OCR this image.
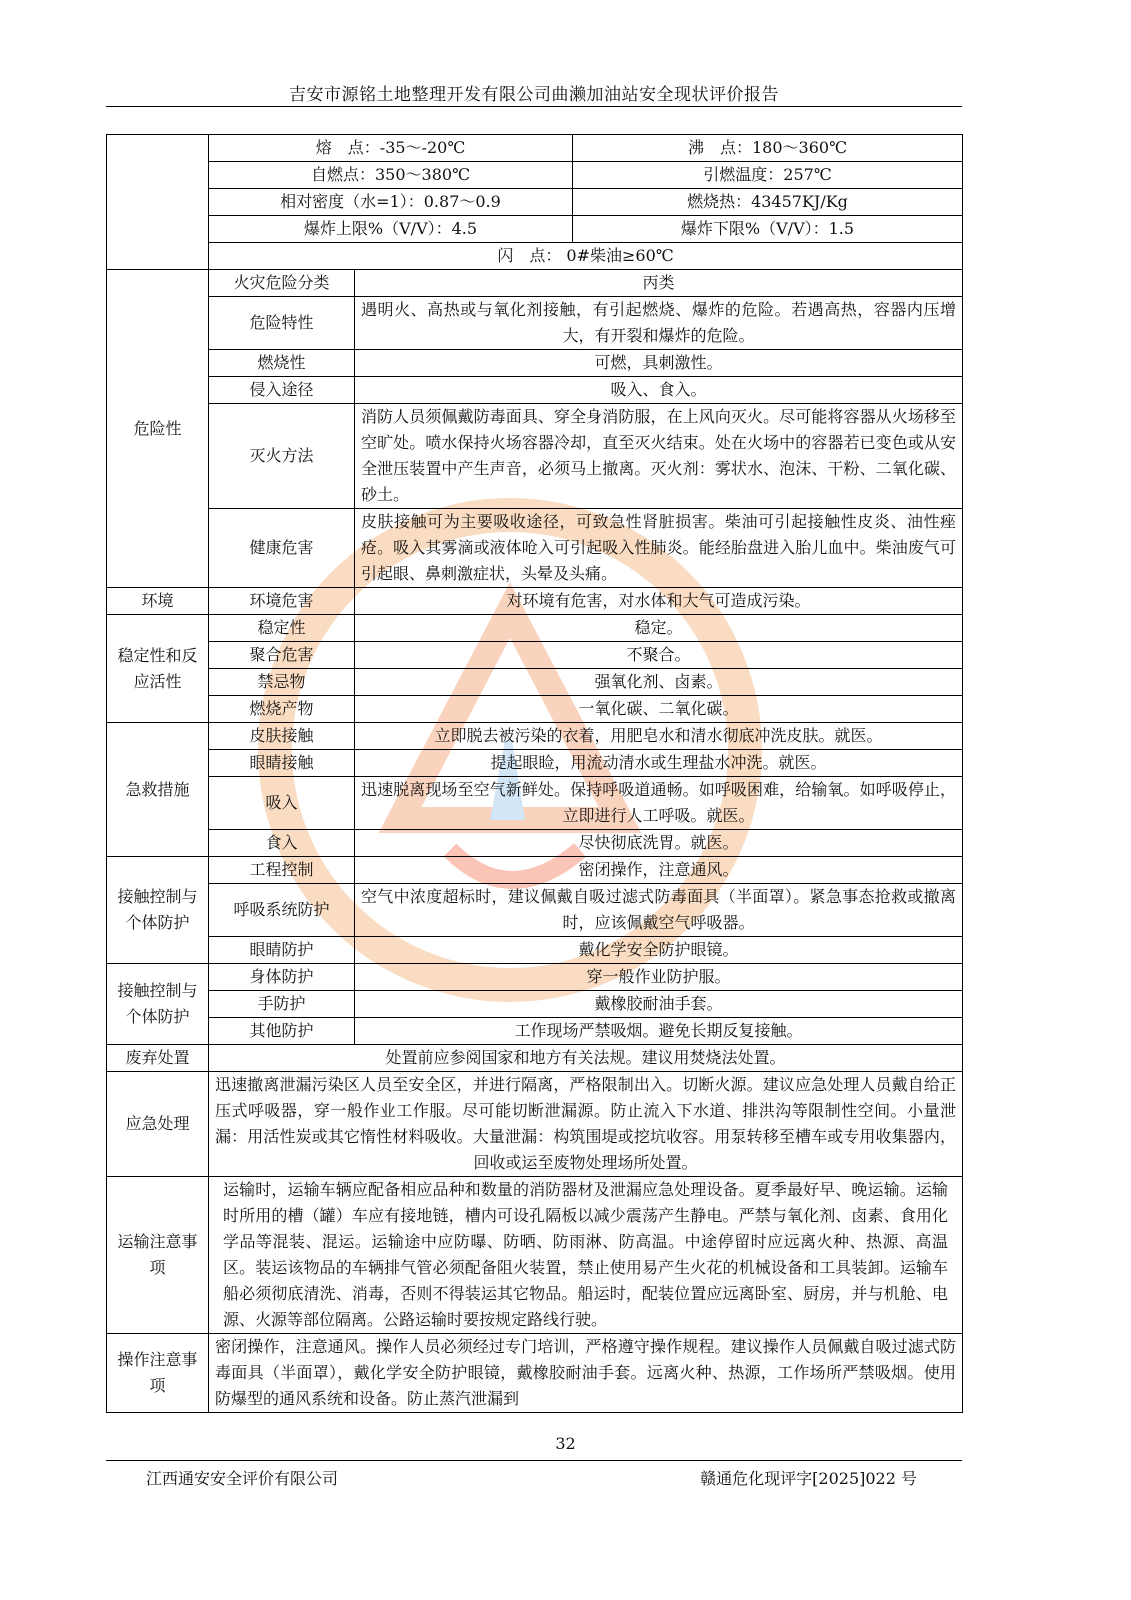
吉安市源铭土地整理开发有限公司曲濑加油站安全现状评价报告
	熔　点：-35～-20℃		沸　点：180～360℃
	自燃点：350～380℃		引燃温度：257℃
	相对密度（水=1）：0.87～0.9		燃烧热：43457KJ/Kg
	爆炸上限%（V/V）：4.5		爆炸下限%（V/V）：1.5
	闪　点： 0#柴油≥60℃		
危险性	火灾危险分类	丙类	
	危险特性	遇明火、高热或与氧化剂接触，有引起燃烧、爆炸的危险。若遇高热，容器内压增大，有开裂和爆炸的危险。	
	燃烧性	可燃，具刺激性。	
	侵入途径	吸入、食入。	
	灭火方法	消防人员须佩戴防毒面具、穿全身消防服，在上风向灭火。尽可能将容器从火场移至空旷处。喷水保持火场容器冷却，直至灭火结束。处在火场中的容器若已变色或从安全泄压装置中产生声音，必须马上撤离。灭火剂：雾状水、泡沫、干粉、二氧化碳、砂土。	
	健康危害	皮肤接触可为主要吸收途径，可致急性肾脏损害。柴油可引起接触性皮炎、油性痤疮。吸入其雾滴或液体呛入可引起吸入性肺炎。能经胎盘进入胎儿血中。柴油废气可引起眼、鼻刺激症状，头晕及头痛。	
环境	环境危害	对环境有危害，对水体和大气可造成污染。	
稳定性和反应活性	稳定性	稳定。	
	聚合危害	不聚合。	
	禁忌物	强氧化剂、卤素。	
	燃烧产物	一氧化碳、二氧化碳。	
急救措施	皮肤接触	立即脱去被污染的衣着，用肥皂水和清水彻底冲洗皮肤。就医。	
	眼睛接触	提起眼睑，用流动清水或生理盐水冲洗。就医。	
	吸入	迅速脱离现场至空气新鲜处。保持呼吸道通畅。如呼吸困难，给输氧。如呼吸停止，立即进行人工呼吸。就医。	
	食入	尽快彻底洗胃。就医。	
接触控制与个体防护	工程控制	密闭操作，注意通风。	
	呼吸系统防护	空气中浓度超标时，建议佩戴自吸过滤式防毒面具（半面罩）。紧急事态抢救或撤离时，应该佩戴空气呼吸器。	
	眼睛防护	戴化学安全防护眼镜。	
接触控制与个体防护	身体防护	穿一般作业防护服。	
	手防护	戴橡胶耐油手套。	
	其他防护	工作现场严禁吸烟。避免长期反复接触。	
废弃处置	处置前应参阅国家和地方有关法规。建议用焚烧法处置。		
应急处理	迅速撤离泄漏污染区人员至安全区，并进行隔离，严格限制出入。切断火源。建议应急处理人员戴自给正压式呼吸器，穿一般作业工作服。尽可能切断泄漏源。防止流入下水道、排洪沟等限制性空间。小量泄漏：用活性炭或其它惰性材料吸收。大量泄漏：构筑围堤或挖坑收容。用泵转移至槽车或专用收集器内，回收或运至废物处理场所处置。		
运输注意事项	运输时，运输车辆应配备相应品种和数量的消防器材及泄漏应急处理设备。夏季最好早、晚运输。运输时所用的槽（罐）车应有接地链，槽内可设孔隔板以减少震荡产生静电。严禁与氧化剂、卤素、食用化学品等混装、混运。运输途中应防曝、防晒、防雨淋、防高温。中途停留时应远离火种、热源、高温区。装运该物品的车辆排气管必须配备阻火装置，禁止使用易产生火花的机械设备和工具装卸。运输车船必须彻底清洗、消毒，否则不得装运其它物品。船运时，配装位置应远离卧室、厨房，并与机舱、电源、火源等部位隔离。公路运输时要按规定路线行驶。		
操作注意事项	密闭操作，注意通风。操作人员必须经过专门培训，严格遵守操作规程。建议操作人员佩戴自吸过滤式防毒面具（半面罩），戴化学安全防护眼镜，戴橡胶耐油手套。远离火种、热源，工作场所严禁吸烟。使用防爆型的通风系统和设备。防止蒸汽泄漏到		
32
江西通安安全评价有限公司	赣通危化现评字[2025]022 号
